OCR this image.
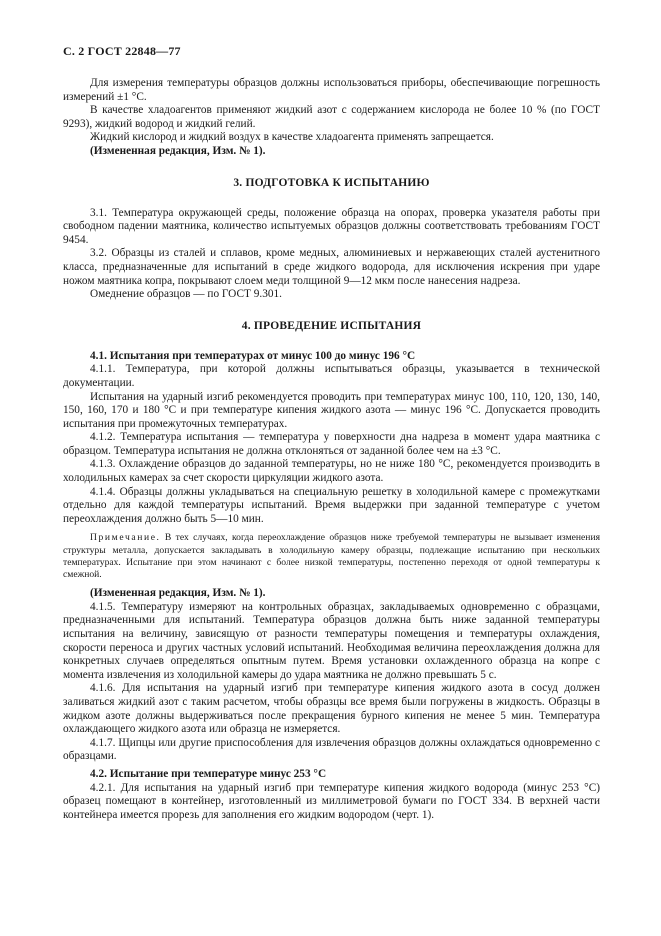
С. 2 ГОСТ 22848—77

Для измерения температуры образцов должны использоваться приборы, обеспечивающие погрешность измерений ±1 °С.

В качестве хладоагентов применяют жидкий азот с содержанием кислорода не более 10 % (по ГОСТ 9293), жидкий водород и жидкий гелий.

Жидкий кислород и жидкий воздух в качестве хладоагента применять запрещается.

(Измененная редакция, Изм. № 1).

3. ПОДГОТОВКА К ИСПЫТАНИЮ

3.1. Температура окружающей среды, положение образца на опорах, проверка указателя работы при свободном падении маятника, количество испытуемых образцов должны соответствовать требованиям ГОСТ 9454.

3.2. Образцы из сталей и сплавов, кроме медных, алюминиевых и нержавеющих сталей аустенитного класса, предназначенные для испытаний в среде жидкого водорода, для исключения искрения при ударе ножом маятника копра, покрывают слоем меди толщиной 9—12 мкм после нанесения надреза.

Омеднение образцов — по ГОСТ 9.301.

4. ПРОВЕДЕНИЕ ИСПЫТАНИЯ

4.1. Испытания при температурах от минус 100 до минус 196 °С

4.1.1. Температура, при которой должны испытываться образцы, указывается в технической документации.

Испытания на ударный изгиб рекомендуется проводить при температурах минус 100, 110, 120, 130, 140, 150, 160, 170 и 180 °С и при температуре кипения жидкого азота — минус 196 °С. Допускается проводить испытания при промежуточных температурах.

4.1.2. Температура испытания — температура у поверхности дна надреза в момент удара маятника с образцом. Температура испытания не должна отклоняться от заданной более чем на ±3 °С.

4.1.3. Охлаждение образцов до заданной температуры, но не ниже 180 °С, рекомендуется производить в холодильных камерах за счет скорости циркуляции жидкого азота.

4.1.4. Образцы должны укладываться на специальную решетку в холодильной камере с промежутками отдельно для каждой температуры испытаний. Время выдержки при заданной температуре с учетом переохлаждения должно быть 5—10 мин.

Примечание. В тех случаях, когда переохлаждение образцов ниже требуемой температуры не вызывает изменения структуры металла, допускается закладывать в холодильную камеру образцы, подлежащие испытанию при нескольких температурах. Испытание при этом начинают с более низкой температуры, постепенно переходя от одной температуры к смежной.

(Измененная редакция, Изм. № 1).

4.1.5. Температуру измеряют на контрольных образцах, закладываемых одновременно с образцами, предназначенными для испытаний. Температура образцов должна быть ниже заданной температуры испытания на величину, зависящую от разности температуры помещения и температуры охлаждения, скорости переноса и других частных условий испытаний. Необходимая величина переохлаждения должна для конкретных случаев определяться опытным путем. Время установки охлажденного образца на копре с момента извлечения из холодильной камеры до удара маятника не должно превышать 5 с.

4.1.6. Для испытания на ударный изгиб при температуре кипения жидкого азота в сосуд должен заливаться жидкий азот с таким расчетом, чтобы образцы все время были погружены в жидкость. Образцы в жидком азоте должны выдерживаться после прекращения бурного кипения не менее 5 мин. Температура охлаждающего жидкого азота или образца не измеряется.

4.1.7. Щипцы или другие приспособления для извлечения образцов должны охлаждаться одновременно с образцами.

4.2. Испытание при температуре минус 253 °С

4.2.1. Для испытания на ударный изгиб при температуре кипения жидкого водорода (минус 253 °С) образец помещают в контейнер, изготовленный из миллиметровой бумаги по ГОСТ 334. В верхней части контейнера имеется прорезь для заполнения его жидким водородом (черт. 1).
